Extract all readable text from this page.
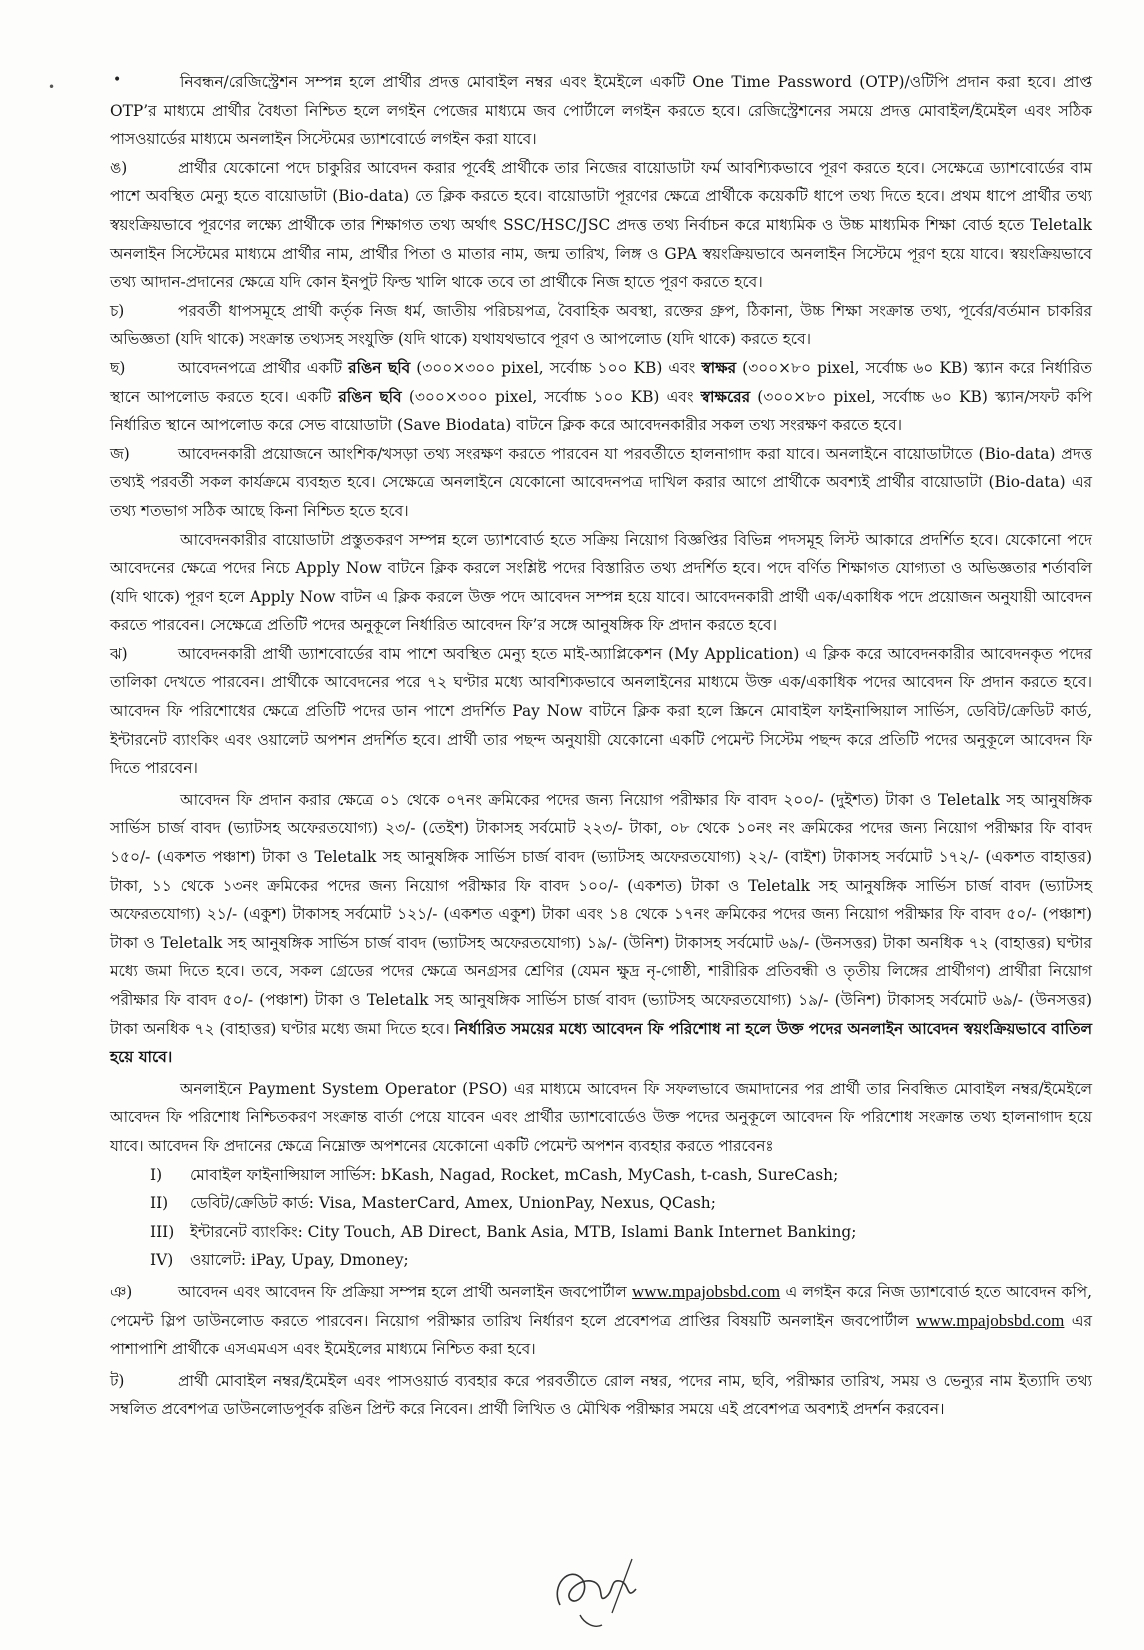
•	•	নিবন্ধন/রেজিস্ট্রেশন সম্পন্ন হলে প্রার্থীর প্রদত্ত মোবাইল নম্বর এবং ইমেইলে একটি One Time Password (OTP)/ওটিপি প্রদান করা হবে। প্রাপ্ত OTP’র মাধ্যমে প্রার্থীর বৈধতা নিশ্চিত হলে লগইন পেজের মাধ্যমে জব পোর্টালে লগইন করতে হবে। রেজিস্ট্রেশনের সময়ে প্রদত্ত মোবাইল/ইমেইল এবং সঠিক পাসওয়ার্ডের মাধ্যমে অনলাইন সিস্টেমের ড্যাশবোর্ডে লগইন করা যাবে।

ঙ)	প্রার্থীর যেকোনো পদে চাকুরির আবেদন করার পূর্বেই প্রার্থীকে তার নিজের বায়োডাটা ফর্ম আবশ্যিকভাবে পূরণ করতে হবে। সেক্ষেত্রে ড্যাশবোর্ডের বাম পাশে অবস্থিত মেন্যু হতে বায়োডাটা (Bio-data) তে ক্লিক করতে হবে। বায়োডাটা পূরণের ক্ষেত্রে প্রার্থীকে কয়েকটি ধাপে তথ্য দিতে হবে। প্রথম ধাপে প্রার্থীর তথ্য স্বয়ংক্রিয়ভাবে পূরণের লক্ষ্যে প্রার্থীকে তার শিক্ষাগত তথ্য অর্থাৎ SSC/HSC/JSC প্রদত্ত তথ্য নির্বাচন করে মাধ্যমিক ও উচ্চ মাধ্যমিক শিক্ষা বোর্ড হতে Teletalk অনলাইন সিস্টেমের মাধ্যমে প্রার্থীর নাম, প্রার্থীর পিতা ও মাতার নাম, জন্ম তারিখ, লিঙ্গ ও GPA স্বয়ংক্রিয়ভাবে অনলাইন সিস্টেমে পূরণ হয়ে যাবে। স্বয়ংক্রিয়ভাবে তথ্য আদান-প্রদানের ক্ষেত্রে যদি কোন ইনপুট ফিল্ড খালি থাকে তবে তা প্রার্থীকে নিজ হাতে পূরণ করতে হবে।

চ)	পরবর্তী ধাপসমূহে প্রার্থী কর্তৃক নিজ ধর্ম, জাতীয় পরিচয়পত্র, বৈবাহিক অবস্থা, রক্তের গ্রুপ, ঠিকানা, উচ্চ শিক্ষা সংক্রান্ত তথ্য, পূর্বের/বর্তমান চাকরির অভিজ্ঞতা (যদি থাকে) সংক্রান্ত তথ্যসহ সংযুক্তি (যদি থাকে) যথাযথভাবে পূরণ ও আপলোড (যদি থাকে) করতে হবে।

ছ)	আবেদনপত্রে প্রার্থীর একটি রঙিন ছবি (৩০০×৩০০ pixel, সর্বোচ্চ ১০০ KB) এবং স্বাক্ষর (৩০০×৮০ pixel, সর্বোচ্চ ৬০ KB) স্ক্যান করে নির্ধারিত স্থানে আপলোড করতে হবে। একটি রঙিন ছবি (৩০০×৩০০ pixel, সর্বোচ্চ ১০০ KB) এবং স্বাক্ষরের (৩০০×৮০ pixel, সর্বোচ্চ ৬০ KB) স্ক্যান/সফট কপি নির্ধারিত স্থানে আপলোড করে সেভ বায়োডাটা (Save Biodata) বাটনে ক্লিক করে আবেদনকারীর সকল তথ্য সংরক্ষণ করতে হবে।

জ)	আবেদনকারী প্রয়োজনে আংশিক/খসড়া তথ্য সংরক্ষণ করতে পারবেন যা পরবর্তীতে হালনাগাদ করা যাবে। অনলাইনে বায়োডাটাতে (Bio-data) প্রদত্ত তথ্যই পরবর্তী সকল কার্যক্রমে ব্যবহৃত হবে। সেক্ষেত্রে অনলাইনে যেকোনো আবেদনপত্র দাখিল করার আগে প্রার্থীকে অবশ্যই প্রার্থীর বায়োডাটা (Bio-data) এর তথ্য শতভাগ সঠিক আছে কিনা নিশ্চিত হতে হবে।

আবেদনকারীর বায়োডাটা প্রস্তুতকরণ সম্পন্ন হলে ড্যাশবোর্ড হতে সক্রিয় নিয়োগ বিজ্ঞপ্তির বিভিন্ন পদসমূহ লিস্ট আকারে প্রদর্শিত হবে। যেকোনো পদে আবেদনের ক্ষেত্রে পদের নিচে Apply Now বাটনে ক্লিক করলে সংশ্লিষ্ট পদের বিস্তারিত তথ্য প্রদর্শিত হবে। পদে বর্ণিত শিক্ষাগত যোগ্যতা ও অভিজ্ঞতার শর্তাবলি (যদি থাকে) পূরণ হলে Apply Now বাটন এ ক্লিক করলে উক্ত পদে আবেদন সম্পন্ন হয়ে যাবে। আবেদনকারী প্রার্থী এক/একাধিক পদে প্রয়োজন অনুযায়ী আবেদন করতে পারবেন। সেক্ষেত্রে প্রতিটি পদের অনুকূলে নির্ধারিত আবেদন ফি’র সঙ্গে আনুষঙ্গিক ফি প্রদান করতে হবে।

ঝ)	আবেদনকারী প্রার্থী ড্যাশবোর্ডের বাম পাশে অবস্থিত মেন্যু হতে মাই-অ্যাপ্লিকেশন (My Application) এ ক্লিক করে আবেদনকারীর আবেদনকৃত পদের তালিকা দেখতে পারবেন। প্রার্থীকে আবেদনের পরে ৭২ ঘণ্টার মধ্যে আবশ্যিকভাবে অনলাইনের মাধ্যমে উক্ত এক/একাধিক পদের আবেদন ফি প্রদান করতে হবে। আবেদন ফি পরিশোধের ক্ষেত্রে প্রতিটি পদের ডান পাশে প্রদর্শিত Pay Now বাটনে ক্লিক করা হলে স্ক্রিনে মোবাইল ফাইনান্সিয়াল সার্ভিস, ডেবিট/ক্রেডিট কার্ড, ইন্টারনেট ব্যাংকিং এবং ওয়ালেট অপশন প্রদর্শিত হবে। প্রার্থী তার পছন্দ অনুযায়ী যেকোনো একটি পেমেন্ট সিস্টেম পছন্দ করে প্রতিটি পদের অনুকূলে আবেদন ফি দিতে পারবেন।

আবেদন ফি প্রদান করার ক্ষেত্রে ০১ থেকে ০৭নং ক্রমিকের পদের জন্য নিয়োগ পরীক্ষার ফি বাবদ ২০০/- (দুইশত) টাকা ও Teletalk সহ আনুষঙ্গিক সার্ভিস চার্জ বাবদ (ভ্যাটসহ অফেরতযোগ্য) ২৩/- (তেইশ) টাকাসহ সর্বমোট ২২৩/- টাকা, ০৮ থেকে ১০নং নং ক্রমিকের পদের জন্য নিয়োগ পরীক্ষার ফি বাবদ ১৫০/- (একশত পঞ্চাশ) টাকা ও Teletalk সহ আনুষঙ্গিক সার্ভিস চার্জ বাবদ (ভ্যাটসহ অফেরতযোগ্য) ২২/- (বাইশ) টাকাসহ সর্বমোট ১৭২/- (একশত বাহাত্তর) টাকা, ১১ থেকে ১৩নং ক্রমিকের পদের জন্য নিয়োগ পরীক্ষার ফি বাবদ ১০০/- (একশত) টাকা ও Teletalk সহ আনুষঙ্গিক সার্ভিস চার্জ বাবদ (ভ্যাটসহ অফেরতযোগ্য) ২১/- (একুশ) টাকাসহ সর্বমোট ১২১/- (একশত একুশ) টাকা এবং ১৪ থেকে ১৭নং ক্রমিকের পদের জন্য নিয়োগ পরীক্ষার ফি বাবদ ৫০/- (পঞ্চাশ) টাকা ও Teletalk সহ আনুষঙ্গিক সার্ভিস চার্জ বাবদ (ভ্যাটসহ অফেরতযোগ্য) ১৯/- (উনিশ) টাকাসহ সর্বমোট ৬৯/- (উনসত্তর) টাকা অনধিক ৭২ (বাহাত্তর) ঘণ্টার মধ্যে জমা দিতে হবে। তবে, সকল গ্রেডের পদের ক্ষেত্রে অনগ্রসর শ্রেণির (যেমন ক্ষুদ্র নৃ-গোষ্ঠী, শারীরিক প্রতিবন্ধী ও তৃতীয় লিঙ্গের প্রার্থীগণ) প্রার্থীরা নিয়োগ পরীক্ষার ফি বাবদ ৫০/- (পঞ্চাশ) টাকা ও Teletalk সহ আনুষঙ্গিক সার্ভিস চার্জ বাবদ (ভ্যাটসহ অফেরতযোগ্য) ১৯/- (উনিশ) টাকাসহ সর্বমোট ৬৯/- (উনসত্তর) টাকা অনধিক ৭২ (বাহাত্তর) ঘণ্টার মধ্যে জমা দিতে হবে। নির্ধারিত সময়ের মধ্যে আবেদন ফি পরিশোধ না হলে উক্ত পদের অনলাইন আবেদন স্বয়ংক্রিয়ভাবে বাতিল হয়ে যাবে।

অনলাইনে Payment System Operator (PSO) এর মাধ্যমে আবেদন ফি সফলভাবে জমাদানের পর প্রার্থী তার নিবন্ধিত মোবাইল নম্বর/ইমেইলে আবেদন ফি পরিশোধ নিশ্চিতকরণ সংক্রান্ত বার্তা পেয়ে যাবেন এবং প্রার্থীর ড্যাশবোর্ডেও উক্ত পদের অনুকূলে আবেদন ফি পরিশোধ সংক্রান্ত তথ্য হালনাগাদ হয়ে যাবে। আবেদন ফি প্রদানের ক্ষেত্রে নিম্নোক্ত অপশনের যেকোনো একটি পেমেন্ট অপশন ব্যবহার করতে পারবেনঃ

I) মোবাইল ফাইনান্সিয়াল সার্ভিস: bKash, Nagad, Rocket, mCash, MyCash, t-cash, SureCash;
II) ডেবিট/ক্রেডিট কার্ড: Visa, MasterCard, Amex, UnionPay, Nexus, QCash;
III) ইন্টারনেট ব্যাংকিং: City Touch, AB Direct, Bank Asia, MTB, Islami Bank Internet Banking;
IV) ওয়ালেট: iPay, Upay, Dmoney;

ঞ)	আবেদন এবং আবেদন ফি প্রক্রিয়া সম্পন্ন হলে প্রার্থী অনলাইন জবপোর্টাল www.mpajobsbd.com এ লগইন করে নিজ ড্যাশবোর্ড হতে আবেদন কপি, পেমেন্ট স্লিপ ডাউনলোড করতে পারবেন। নিয়োগ পরীক্ষার তারিখ নির্ধারণ হলে প্রবেশপত্র প্রাপ্তির বিষয়টি অনলাইন জবপোর্টাল www.mpajobsbd.com এর পাশাপাশি প্রার্থীকে এসএমএস এবং ইমেইলের মাধ্যমে নিশ্চিত করা হবে।

ট)	প্রার্থী মোবাইল নম্বর/ইমেইল এবং পাসওয়ার্ড ব্যবহার করে পরবর্তীতে রোল নম্বর, পদের নাম, ছবি, পরীক্ষার তারিখ, সময় ও ভেন্যুর নাম ইত্যাদি তথ্য সম্বলিত প্রবেশপত্র ডাউনলোডপূর্বক রঙিন প্রিন্ট করে নিবেন। প্রার্থী লিখিত ও মৌখিক পরীক্ষার সময়ে এই প্রবেশপত্র অবশ্যই প্রদর্শন করবেন।
